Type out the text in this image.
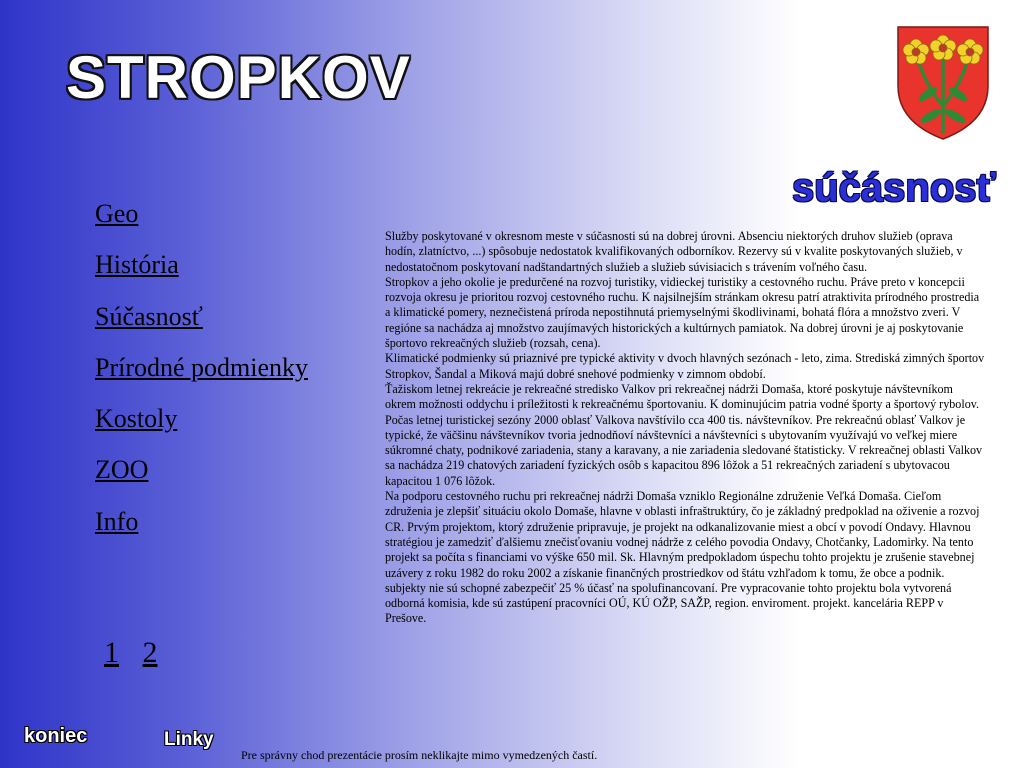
STROPKOV
súčásnosť
Geo
História
Súčasnosť
Prírodné podmienky
Kostoly
ZOO
Info
1 2

Služby poskytované v okresnom meste v súčasnosti sú na dobrej úrovni. Absenciu niektorých druhov služieb (oprava hodín, zlatníctvo, ...) spôsobuje nedostatok kvalifikovaných odborníkov. Rezervy sú v kvalite poskytovaných služieb, v nedostatočnom poskytovaní nadštandartných služieb a služieb súvisiacich s trávením voľného času.

Stropkov a jeho okolie je predurčené na rozvoj turistiky, vidieckej turistiky a cestovného ruchu. Práve preto v koncepcii rozvoja okresu je prioritou rozvoj cestovného ruchu. K najsilnejším stránkam okresu patrí atraktivita prírodného prostredia a klimatické pomery, neznečistená príroda nepostihnutá priemyselnými škodlivinami, bohatá flóra a množstvo zveri. V regióne sa nachádza aj množstvo zaujímavých historických a kultúrnych pamiatok. Na dobrej úrovni je aj poskytovanie športovo rekreačných služieb (rozsah, cena).

Klimatické podmienky sú priaznivé pre typické aktivity v dvoch hlavných sezónach - leto, zima. Strediská zimných športov Stropkov, Šandal a Miková majú dobré snehové podmienky v zimnom období.

Ťažiskom letnej rekreácie je rekreačné stredisko Valkov pri rekreačnej nádrži Domaša, ktoré poskytuje návštevníkom okrem možnosti oddychu i príležitosti k rekreačnému športovaniu. K dominujúcim patria vodné športy a športový rybolov. Počas letnej turistickej sezóny 2000 oblasť Valkova navštívilo cca 400 tis. návštevníkov. Pre rekreačnú oblasť Valkov je typické, že väčšinu návštevníkov tvoria jednodňoví návštevníci a návštevníci s ubytovaním využívajú vo veľkej miere súkromné chaty, podnikové zariadenia, stany a karavany, a nie zariadenia sledované štatisticky. V rekreačnej oblasti Valkov sa nachádza 219 chatových zariadení fyzických osôb s kapacitou 896 lôžok a 51 rekreačných zariadení s ubytovacou kapacitou 1 076 lôžok.

Na podporu cestovného ruchu pri rekreačnej nádrži Domaša vzniklo Regionálne združenie Veľká Domaša. Cieľom združenia je zlepšiť situáciu okolo Domaše, hlavne v oblasti infraštruktúry, čo je základný predpoklad na oživenie a rozvoj CR. Prvým projektom, ktorý združenie pripravuje, je projekt na odkanalizovanie miest a obcí v povodí Ondavy. Hlavnou stratégiou je zamedziť ďalšiemu znečisťovaniu vodnej nádrže z celého povodia Ondavy, Chotčanky, Ladomirky. Na tento projekt sa počíta s financiami vo výške 650 mil. Sk. Hlavným predpokladom úspechu tohto projektu je zrušenie stavebnej uzávery z roku 1982 do roku 2002 a získanie finančných prostriedkov od štátu vzhľadom k tomu, že obce a podnik. subjekty nie sú schopné zabezpečiť 25 % účasť na spolufinancovaní. Pre vypracovanie tohto projektu bola vytvorená odborná komisia, kde sú zastúpení pracovníci OÚ, KÚ OŽP, SAŽP, region. enviroment. projekt. kancelária REPP v Prešove.

koniec	Linky
Pre správny chod prezentácie prosím neklikajte mimo vymedzených častí.
